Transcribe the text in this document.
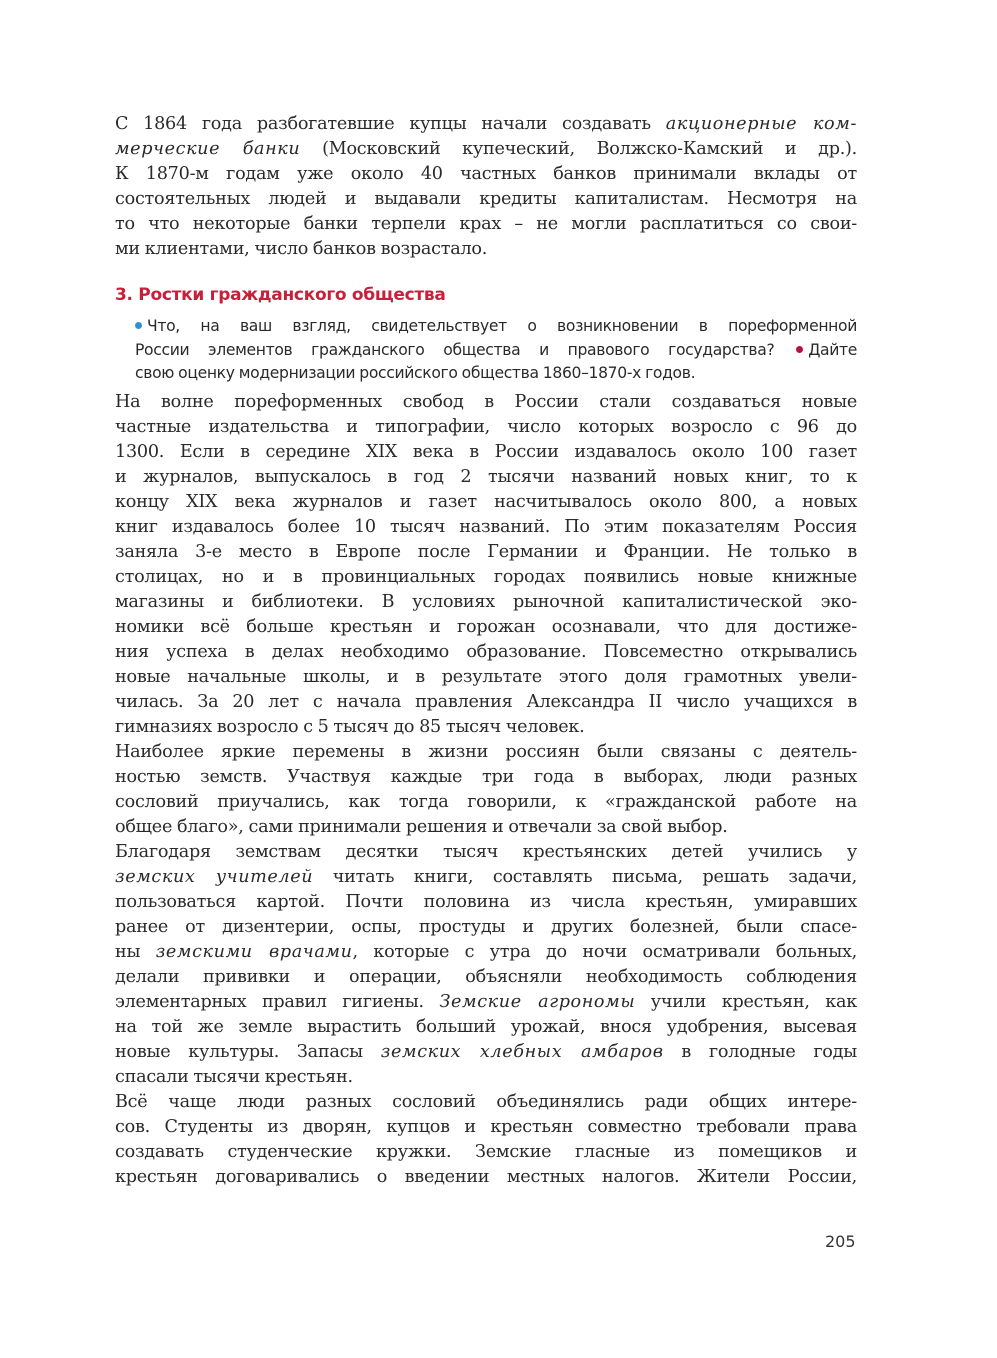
С 1864 года разбогатевшие купцы начали создавать акционерные ком-
мерческие банки (Московский купеческий, Волжско-Камский и др.).
К 1870-м годам уже около 40 частных банков принимали вклады от
состоятельных людей и выдавали кредиты капиталистам. Несмотря на
то что некоторые банки терпели крах – не могли расплатиться со свои-
ми клиентами, число банков возрастало.

3. Ростки гражданского общества
Что, на ваш взгляд, свидетельствует о возникновении в пореформенной
России элементов гражданского общества и правового государства? Дайте
свою оценку модернизации российского общества 1860–1870-х годов.

На волне пореформенных свобод в России стали создаваться новые
частные издательства и типографии, число которых возросло с 96 до
1300. Если в середине XIX века в России издавалось около 100 газет
и журналов, выпускалось в год 2 тысячи названий новых книг, то к
концу XIX века журналов и газет насчитывалось около 800, а новых
книг издавалось более 10 тысяч названий. По этим показателям Россия
заняла 3-е место в Европе после Германии и Франции. Не только в
столицах, но и в провинциальных городах появились новые книжные
магазины и библиотеки. В условиях рыночной капиталистической эко-
номики всё больше крестьян и горожан осознавали, что для достиже-
ния успеха в делах необходимо образование. Повсеместно открывались
новые начальные школы, и в результате этого доля грамотных увели-
чилась. За 20 лет с начала правления Александра II число учащихся в
гимназиях возросло с 5 тысяч до 85 тысяч человек.

Наиболее яркие перемены в жизни россиян были связаны с деятель-
ностью земств. Участвуя каждые три года в выборах, люди разных
сословий приучались, как тогда говорили, к «гражданской работе на
общее благо», сами принимали решения и отвечали за свой выбор.

Благодаря земствам десятки тысяч крестьянских детей учились у
земских учителей читать книги, составлять письма, решать задачи,
пользоваться картой. Почти половина из числа крестьян, умиравших
ранее от дизентерии, оспы, простуды и других болезней, были спасе-
ны земскими врачами, которые с утра до ночи осматривали больных,
делали прививки и операции, объясняли необходимость соблюдения
элементарных правил гигиены. Земские агрономы учили крестьян, как
на той же земле вырастить больший урожай, внося удобрения, высевая
новые культуры. Запасы земских хлебных амбаров в голодные годы
спасали тысячи крестьян.

Всё чаще люди разных сословий объединялись ради общих интере-
сов. Студенты из дворян, купцов и крестьян совместно требовали права
создавать студенческие кружки. Земские гласные из помещиков и
крестьян договаривались о введении местных налогов. Жители России,

205
